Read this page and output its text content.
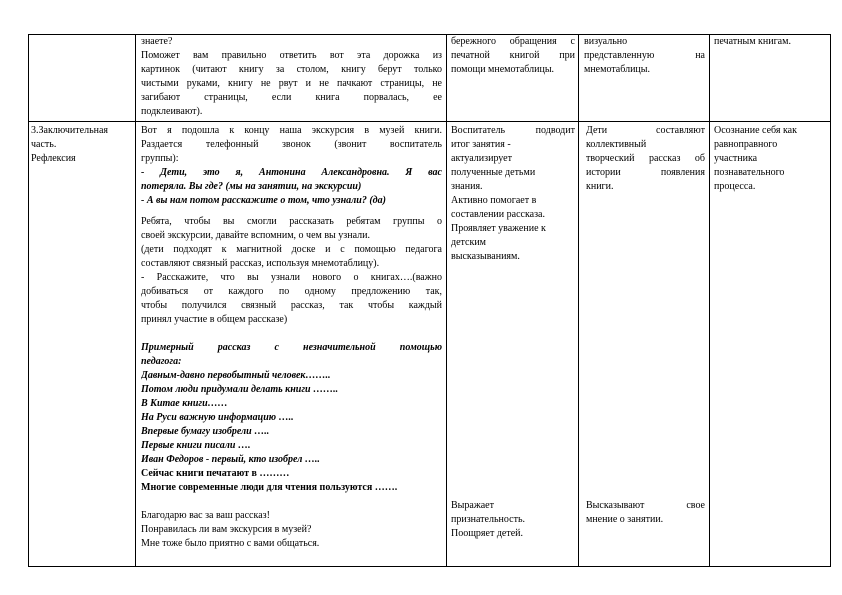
знаете?

Поможет вам правильно ответить вот эта дорожка из

картинок (читают книгу за столом, книгу берут только

чистыми руками, книгу не рвут и не пачкают страницы, не

загибают страницы, если книга порвалась, ее

подклеивают).

бережного обращения с

печатной книгой при

помощи мнемотаблицы.

визуально

представленную на

мнемотаблицы.

печатным книгам.

3.Заключительная

часть.

Рефлексия

Вот я подошла к концу наша экскурсия в музей книги.

Раздается телефонный звонок (звонит воспитатель

группы):

- Дети, это я, Антонина Александровна. Я вас

потеряла. Вы где? (мы на занятии, на экскурсии)

- А вы нам потом расскажите о том, что узнали? (да)

Ребята, чтобы вы смогли рассказать ребятам группы о

своей экскурсии, давайте вспомним, о чем вы узнали.

(дети подходят к магнитной доске и с помощью педагога

составляют связный рассказ, используя мнемотаблицу).

- Расскажите, что вы узнали нового о книгах….(важно

добиваться от каждого по одному предложению так,

чтобы получился связный рассказ, так чтобы каждый

принял участие в общем рассказе)

Примерный рассказ с незначительной помощью

педагога:

Давным-давно первобытный человек……..

Потом люди придумали делать книги ……..

В Китае книги……

На Руси важную информацию …..

Впервые бумагу изобрели …..

Первые книги писали ….

Иван Федоров - первый, кто изобрел …..

Сейчас книги печатают в ………

Многие современные люди для чтения пользуются …….

Благодарю вас за ваш рассказ!

Понравилась ли вам экскурсия в музей?

Мне тоже было приятно с вами общаться.

Воспитатель подводит

итог занятия -

актуализирует

полученные детьми

знания.

Активно помогает в

составлении рассказа.

Проявляет уважение к

детским

высказываниям.

Выражает

признательность.

Поощряет детей.

Дети составляют

коллективный

творческий рассказ об

истории появления

книги.

Высказывают свое

мнение о занятии.

Осознание себя как

равноправного

участника

познавательного

процесса.
